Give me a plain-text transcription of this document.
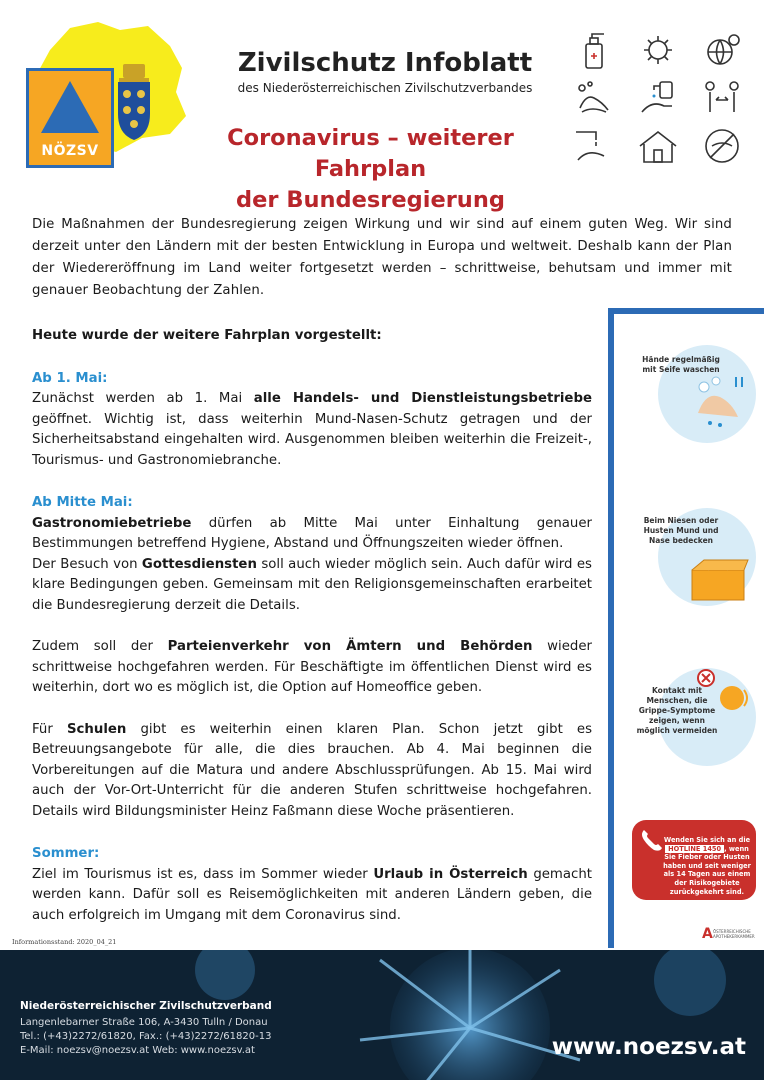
NÖZSV
Zivilschutz Infoblatt
des Niederösterreichischen Zivilschutzverbandes
Coronavirus – weiterer Fahrplan
der Bundesregierung

Die Maßnahmen der Bundesregierung zeigen Wirkung und wir sind auf einem guten Weg. Wir sind derzeit unter den Ländern mit der besten Entwicklung in Europa und weltweit. Deshalb kann der Plan der Wiedereröffnung im Land weiter fortgesetzt werden – schrittweise, behutsam und immer mit genauer Beobachtung der Zahlen.

Heute wurde der weitere Fahrplan vorgestellt:
Ab 1. Mai:

Zunächst werden ab 1. Mai alle Handels- und Dienstleistungsbetriebe geöffnet. Wichtig ist, dass weiterhin Mund-Nasen-Schutz getragen und der Sicherheitsabstand eingehalten wird. Ausgenommen bleiben weiterhin die Freizeit-, Tourismus- und Gastronomiebranche.

Ab Mitte Mai:

Gastronomiebetriebe dürfen ab Mitte Mai unter Einhaltung genauer Bestimmungen betreffend Hygiene, Abstand und Öffnungszeiten wieder öffnen.

Der Besuch von Gottesdiensten soll auch wieder möglich sein. Auch dafür wird es klare Bedingungen geben. Gemeinsam mit den Religionsgemeinschaften erarbeitet die Bundesregierung derzeit die Details.

Zudem soll der Parteienverkehr von Ämtern und Behörden wieder schrittweise hochgefahren werden. Für Beschäftigte im öffentlichen Dienst wird es weiterhin, dort wo es möglich ist, die Option auf Homeoffice geben.

Für Schulen gibt es weiterhin einen klaren Plan. Schon jetzt gibt es Betreuungsangebote für alle, die dies brauchen. Ab 4. Mai beginnen die Vorbereitungen auf die Matura und andere Abschlussprüfungen. Ab 15. Mai wird auch der Vor-Ort-Unterricht für die anderen Stufen schrittweise hochgefahren. Details wird Bildungsminister Heinz Faßmann diese Woche präsentieren.

Sommer:

Ziel im Tourismus ist es, dass im Sommer wieder Urlaub in Österreich gemacht werden kann. Dafür soll es Reisemöglichkeiten mit anderen Ländern geben, die auch erfolgreich im Umgang mit dem Coronavirus sind.

Hände regelmäßig mit Seife waschen
Beim Niesen oder Husten Mund und Nase bedecken
Kontakt mit Menschen, die Grippe-Symptome zeigen, wenn möglich vermeiden
Wenden Sie sich an die HOTLINE 1450 , wenn Sie Fieber oder Husten haben und seit weniger als 14 Tagen aus einem der Risikogebiete zurückgekehrt sind.
A ÖSTERREICHISCHE APOTHEKERKAMMER
Informationsstand: 2020_04_21
Niederösterreichischer Zivilschutzverband
Langenlebarner Straße 106, A-3430 Tulln / Donau
Tel.: (+43)2272/61820, Fax.: (+43)2272/61820-13
E-Mail: noezsv@noezsv.at Web: www.noezsv.at	www.noezsv.at
